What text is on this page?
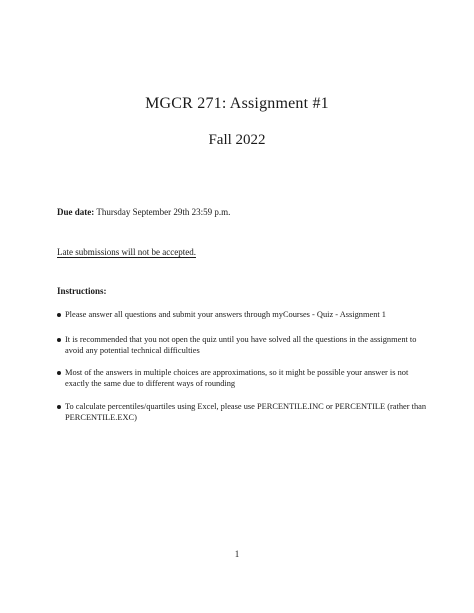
MGCR 271: Assignment #1
Fall 2022
Due date: Thursday September 29th 23:59 p.m.
Late submissions will not be accepted.
Instructions:
Please answer all questions and submit your answers through myCourses - Quiz - Assignment 1
It is recommended that you not open the quiz until you have solved all the questions in the assignment to avoid any potential technical difficulties
Most of the answers in multiple choices are approximations, so it might be possible your answer is not exactly the same due to different ways of rounding
To calculate percentiles/quartiles using Excel, please use PERCENTILE.INC or PERCENTILE (rather than PERCENTILE.EXC)
1
